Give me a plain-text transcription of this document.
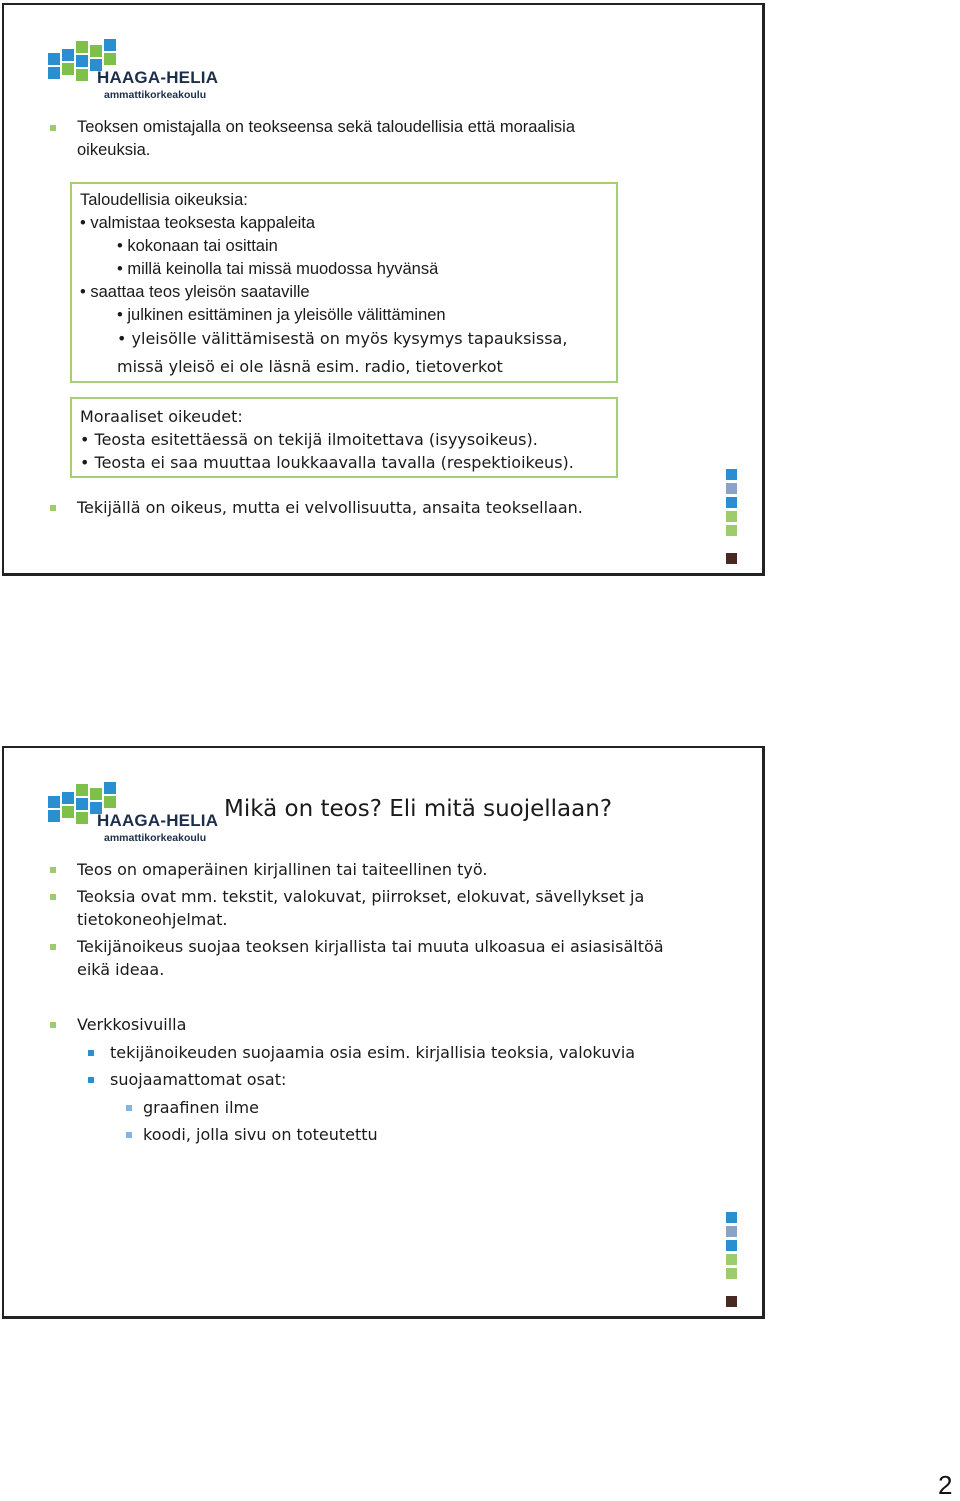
HAAGA-HELIA
ammattikorkeakoulu
Teoksen omistajalla on teokseensa sekä taloudellisia että moraalisia
oikeuksia.
Taloudellisia oikeuksia:
• valmistaa teoksesta kappaleita
• kokonaan tai osittain
• millä keinolla tai missä muodossa hyvänsä
• saattaa teos yleisön saataville
• julkinen esittäminen ja yleisölle välittäminen
• yleisölle välittämisestä on myös kysymys tapauksissa,
missä yleisö ei ole läsnä esim. radio, tietoverkot
Moraaliset oikeudet:
• Teosta esitettäessä on tekijä ilmoitettava (isyysoikeus).
• Teosta ei saa muuttaa loukkaavalla tavalla (respektioikeus).
Tekijällä on oikeus, mutta ei velvollisuutta, ansaita teoksellaan.
HAAGA-HELIA
ammattikorkeakoulu
Mikä on teos? Eli mitä suojellaan?
Teos on omaperäinen kirjallinen tai taiteellinen työ.
Teoksia ovat mm. tekstit, valokuvat, piirrokset, elokuvat, sävellykset ja
tietokoneohjelmat.
Tekijänoikeus suojaa teoksen kirjallista tai muuta ulkoasua ei asiasisältöä
eikä ideaa.
Verkkosivuilla
tekijänoikeuden suojaamia osia esim. kirjallisia teoksia, valokuvia
suojaamattomat osat:
graafinen ilme
koodi, jolla sivu on toteutettu
2
